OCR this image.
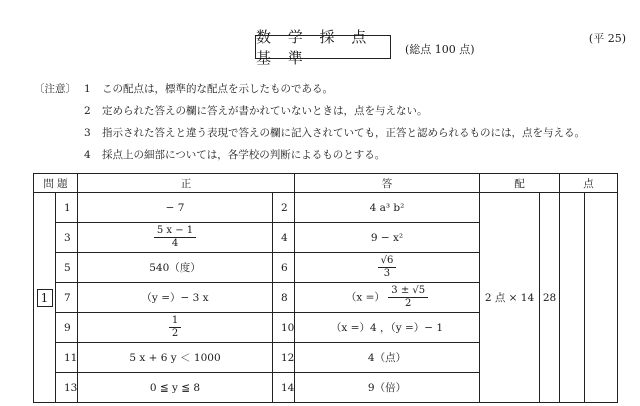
(平 25)
数 学 採 点 基 準	(総点 100 点)
〔注意〕 1	この配点は，標準的な配点を示したものである。
2	定められた答えの欄に答えが書かれていないときは，点を与えない。
3	指示された答えと違う表現で答えの欄に記入されていても，正答と認められるものには，点を与える。
4	採点上の細部については，各学校の判断によるものとする。
問 題		正		答	配		点	
1	1	− 7	2	4 a³ b²	2 点 × 14	28		
	3	$\frac{5 x - 1}{4}$	4	9 − x²				
	5	540（度）	6	$\frac{√6}{3}$

	7	（y =）− 3 x	8	（x =） $\frac{3 \pm √5}{2}$

	9	$\frac{1}{2}$	10	（x =）4 ，（y =）− 1				
	11	5 x + 6 y ＜ 1000	12	4（点）				
	13	0 ≦ y ≦ 8	14	9（倍）				
